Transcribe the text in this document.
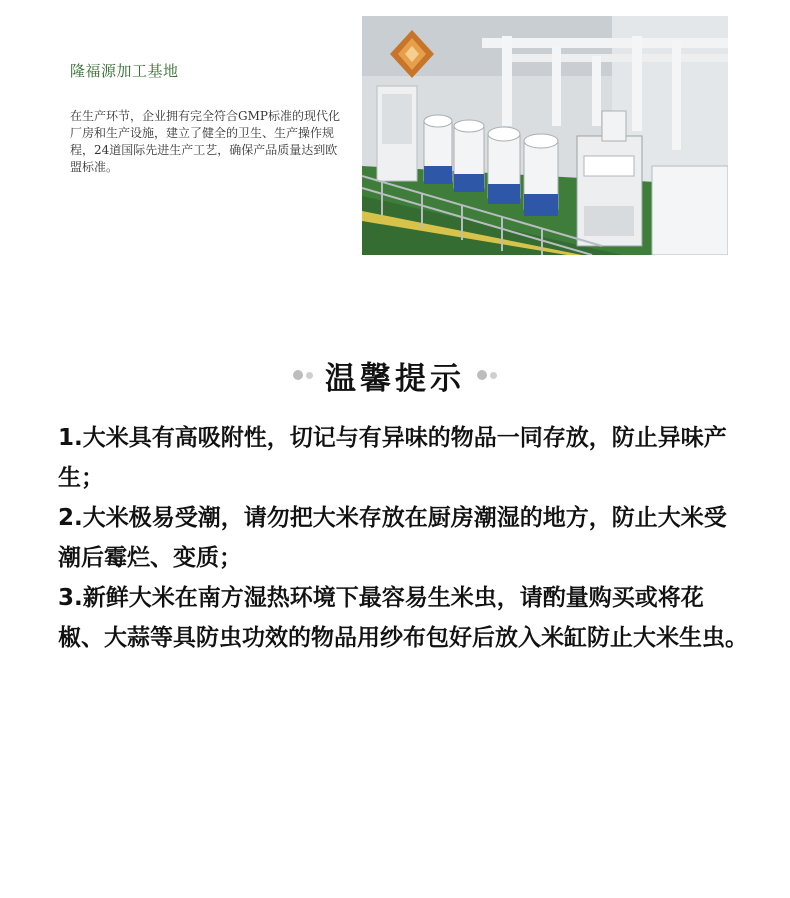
隆福源加工基地
在生产环节，企业拥有完全符合GMP标准的现代化厂房和生产设施，建立了健全的卫生、生产操作规程，24道国际先进生产工艺，确保产品质量达到欧盟标准。
温馨提示
1.大米具有高吸附性，切记与有异味的物品一同存放，防止异味产生；
2.大米极易受潮，请勿把大米存放在厨房潮湿的地方，防止大米受潮后霉烂、变质；
3.新鲜大米在南方湿热环境下最容易生米虫，请酌量购买或将花椒、大蒜等具防虫功效的物品用纱布包好后放入米缸防止大米生虫。
